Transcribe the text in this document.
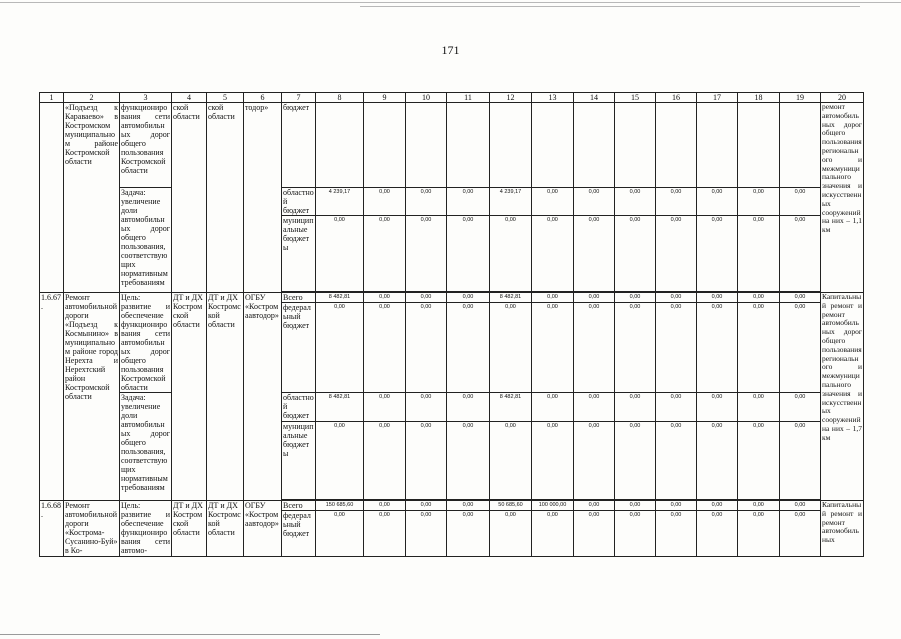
171
1	2	3	4	5	6	7	8	9	10	11	12	13	14	15	16	17	18	19	20
	«Подъезд к Караваево» в Костромском муниципальном районе Костромской области	функционирования сети автомобильных дорог общего пользования Костромской области	ской области	ской области	тодор»	бюджет													ремонт автомобильных дорог общего пользования регионального и межмуниципального значения и искусственных сооружений на них – 1,1 км
		Задача: увеличение доли автомобильных дорог общего пользования, соответствующих нормативным требованиям				областной бюджет	4 239,17	0,00	0,00	0,00	4 239,17	0,00	0,00	0,00	0,00	0,00	0,00	0,00	
						муниципальные бюджеты	0,00	0,00	0,00	0,00	0,00	0,00	0,00	0,00	0,00	0,00	0,00	0,00	

1.6.67.	Ремонт автомобильной дороги «Подъезд к Космынино» в муниципальном районе город Нерехта и Нерехтский район Костромской области	Цель: развитие и обеспечение функционирования сети автомобильных дорог общего пользования Костромской области	ДТ и ДХ Костромской области	ДТ и ДХ Костромской области	ОГБУ «Костромаавтодор»	Всего	8 482,81	0,00	0,00	0,00	8 482,81	0,00	0,00	0,00	0,00	0,00	0,00	0,00	Капитальный ремонт и ремонт автомобильных дорог общего пользования регионального и межмуниципального значения и искусственных сооружений на них – 1,7 км
						федеральный бюджет	0,00	0,00	0,00	0,00	0,00	0,00	0,00	0,00	0,00	0,00	0,00	0,00	
		Задача: увеличение доли автомобильных дорог общего пользования, соответствующих нормативным требованиям				областной бюджет	8 482,81	0,00	0,00	0,00	8 482,81	0,00	0,00	0,00	0,00	0,00	0,00	0,00	
						муниципальные бюджеты	0,00	0,00	0,00	0,00	0,00	0,00	0,00	0,00	0,00	0,00	0,00	0,00	

1.6.68.	Ремонт автомобильной дороги «Кострома-Сусанино-Буй» в Ко-	Цель: развитие и обеспечение функционирования сети автомо-	ДТ и ДХ Костромской области	ДТ и ДХ Костромской области	ОГБУ «Костромаавтодор»	Всего	150 685,60	0,00	0,00	0,00	50 685,60	100 000,00	0,00	0,00	0,00	0,00	0,00	0,00	Капитальный ремонт и ремонт автомобильных
						федеральный бюджет	0,00	0,00	0,00	0,00	0,00	0,00	0,00	0,00	0,00	0,00	0,00	0,00	
